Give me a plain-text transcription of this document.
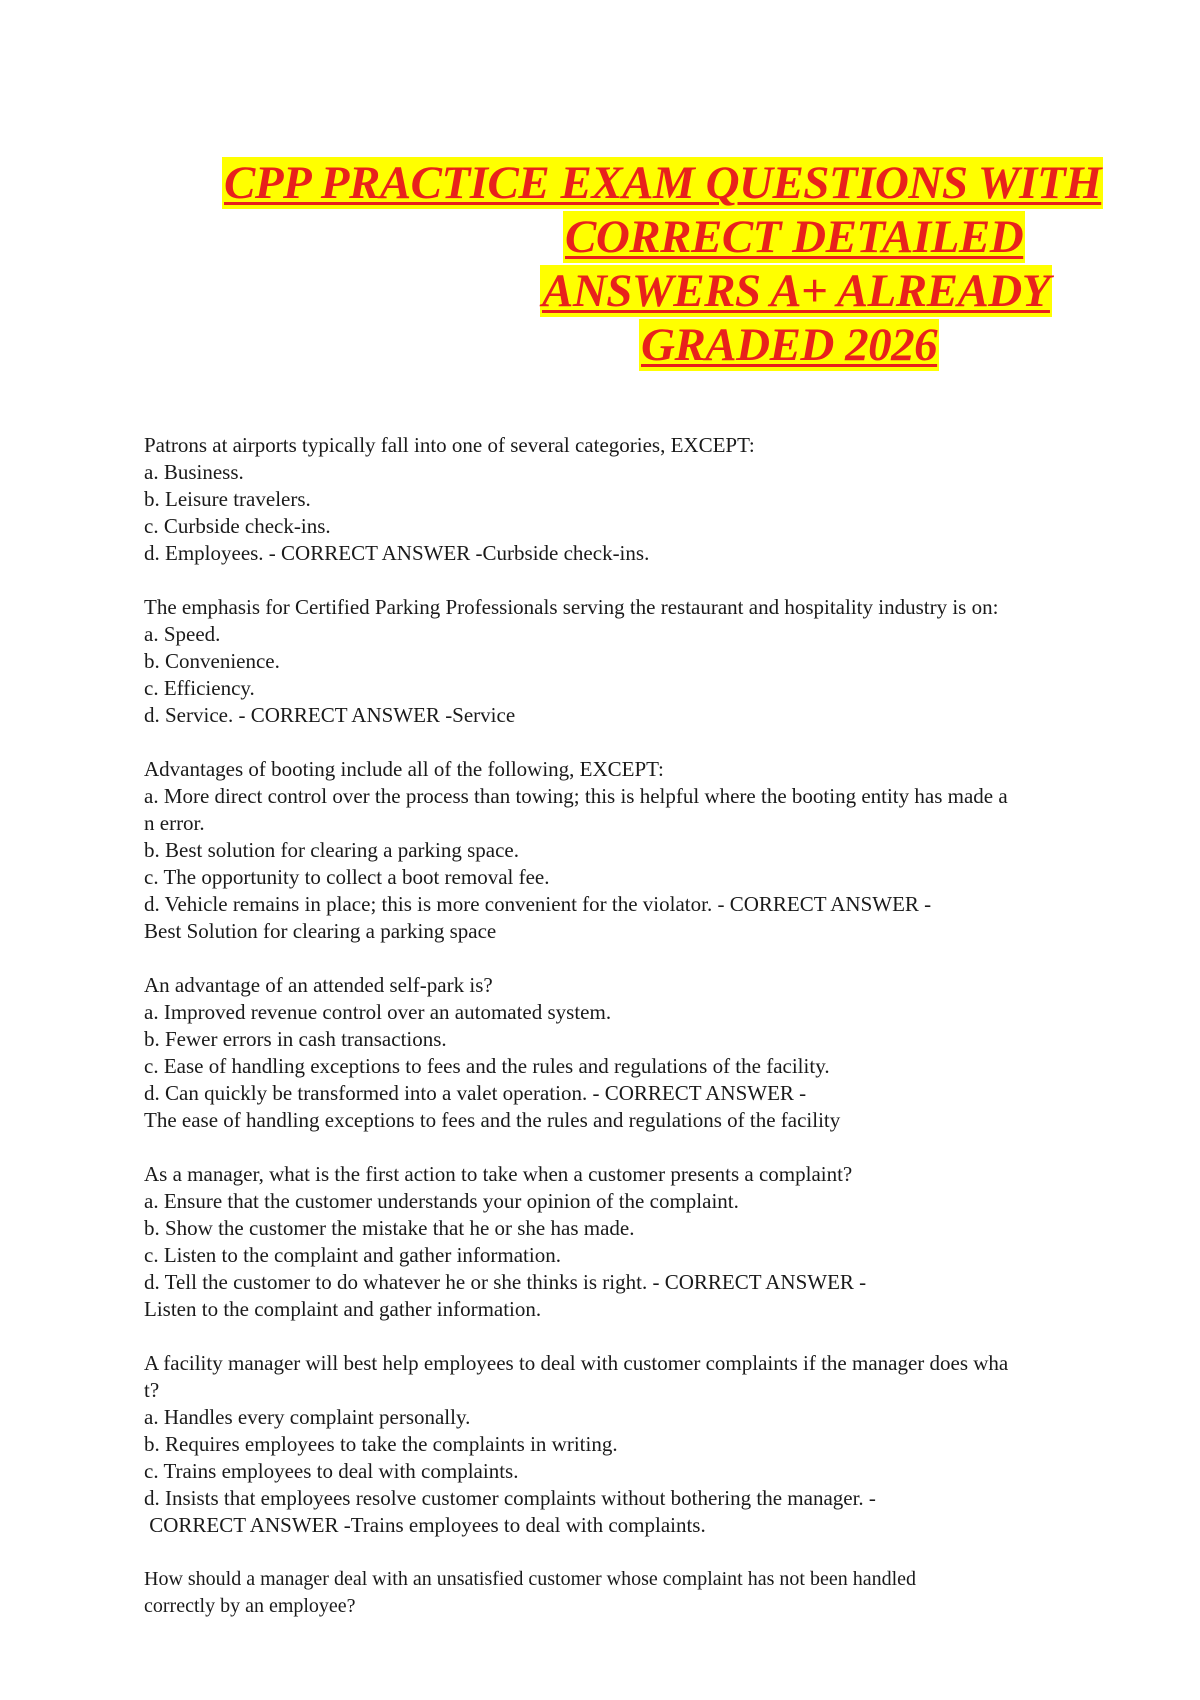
CPP PRACTICE EXAM QUESTIONS WITH
CORRECT DETAILED
ANSWERS A+ ALREADY
GRADED 2026
Patrons at airports typically fall into one of several categories, EXCEPT:
a. Business.
b. Leisure travelers.
c. Curbside check-ins.
d. Employees. - CORRECT ANSWER -Curbside check-ins.
The emphasis for Certified Parking Professionals serving the restaurant and hospitality industry is on:
a. Speed.
b. Convenience.
c. Efficiency.
d. Service. - CORRECT ANSWER -Service
Advantages of booting include all of the following, EXCEPT:
a. More direct control over the process than towing; this is helpful where the booting entity has made a
n error.
b. Best solution for clearing a parking space.
c. The opportunity to collect a boot removal fee.
d. Vehicle remains in place; this is more convenient for the violator. - CORRECT ANSWER -
Best Solution for clearing a parking space
An advantage of an attended self-park is?
a. Improved revenue control over an automated system.
b. Fewer errors in cash transactions.
c. Ease of handling exceptions to fees and the rules and regulations of the facility.
d. Can quickly be transformed into a valet operation. - CORRECT ANSWER -
The ease of handling exceptions to fees and the rules and regulations of the facility
As a manager, what is the first action to take when a customer presents a complaint?
a. Ensure that the customer understands your opinion of the complaint.
b. Show the customer the mistake that he or she has made.
c. Listen to the complaint and gather information.
d. Tell the customer to do whatever he or she thinks is right. - CORRECT ANSWER -
Listen to the complaint and gather information.
A facility manager will best help employees to deal with customer complaints if the manager does wha
t?
a. Handles every complaint personally.
b. Requires employees to take the complaints in writing.
c. Trains employees to deal with complaints.
d. Insists that employees resolve customer complaints without bothering the manager. -
CORRECT ANSWER -Trains employees to deal with complaints.
How should a manager deal with an unsatisfied customer whose complaint has not been handled
correctly by an employee?
